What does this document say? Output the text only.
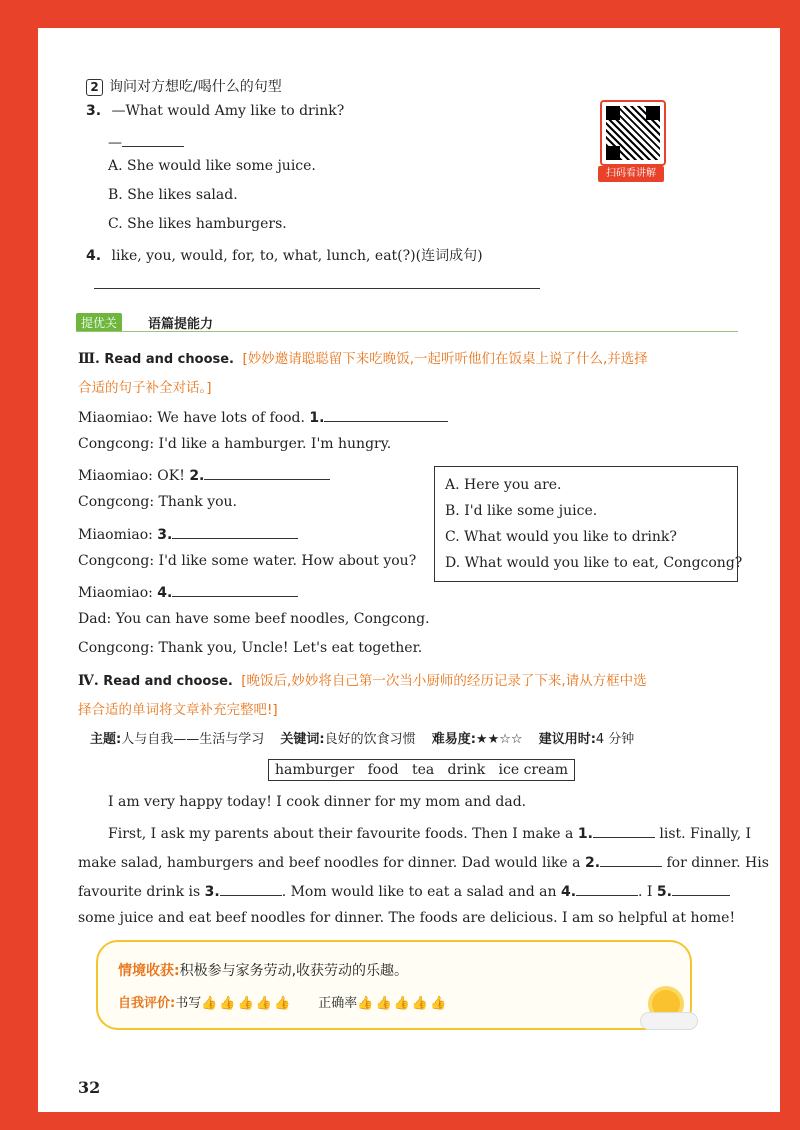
2 询问对方想吃/喝什么的句型
3. —What would Amy like to drink?
—
A. She would like some juice.
B. She likes salad.
C. She likes hamburgers.
4. like, you, would, for, to, what, lunch, eat(?)(连词成句)
扫码看讲解
提优关	语篇提能力
Ⅲ. Read and choose. [妙妙邀请聪聪留下来吃晚饭,一起听听他们在饭桌上说了什么,并选择
合适的句子补全对话。]
Miaomiao: We have lots of food. 1.
Congcong: I'd like a hamburger. I'm hungry.
Miaomiao: OK! 2.
Congcong: Thank you.
Miaomiao: 3.
Congcong: I'd like some water. How about you?
Miaomiao: 4.
Dad: You can have some beef noodles, Congcong.
Congcong: Thank you, Uncle! Let's eat together.
A. Here you are.
B. I'd like some juice.
C. What would you like to drink?
D. What would you like to eat, Congcong?
Ⅳ. Read and choose. [晚饭后,妙妙将自己第一次当小厨师的经历记录了下来,请从方框中选
择合适的单词将文章补充完整吧!]
主题:人与自我——生活与学习 关键词:良好的饮食习惯 难易度:★★☆☆ 建议用时:4 分钟
hamburger   food   tea   drink   ice cream
I am very happy today! I cook dinner for my mom and dad.
First, I ask my parents about their favourite foods. Then I make a 1.	list. Finally, I
make salad, hamburgers and beef noodles for dinner. Dad would like a 2.	for dinner. His
favourite drink is 3.	. Mom would like to eat a salad and an 4.	. I 5.
some juice and eat beef noodles for dinner. The foods are delicious. I am so helpful at home!
情境收获:积极参与家务劳动,收获劳动的乐趣。
自我评价:书写👍👍👍👍👍 正确率👍👍👍👍👍
32
